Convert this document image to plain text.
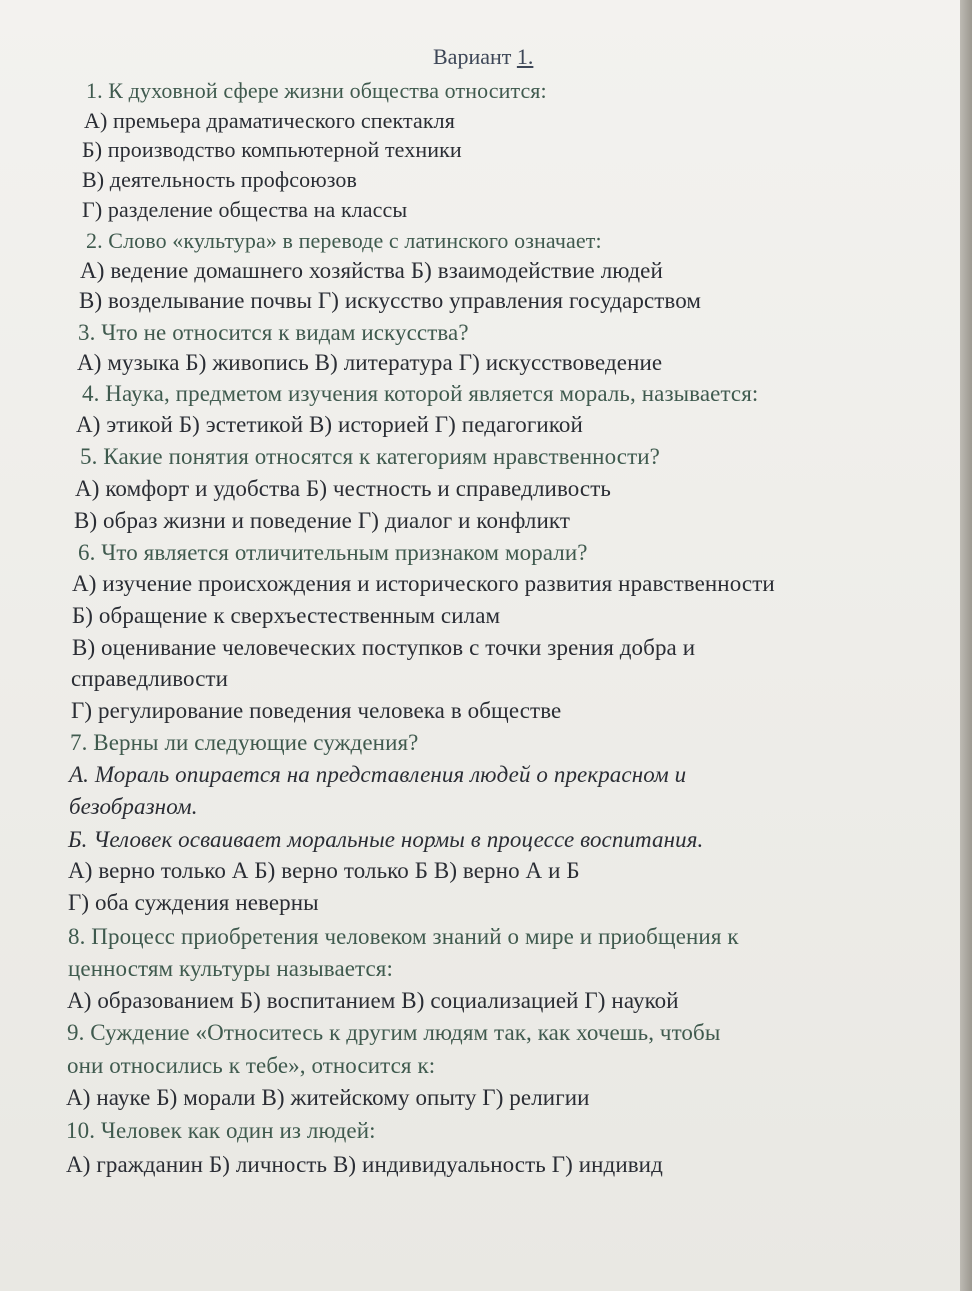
Вариант 1.
1. К духовной сфере жизни общества относится:
А) премьера драматического спектакля
Б) производство компьютерной техники
В) деятельность профсоюзов
Г) разделение общества на классы
2. Слово «культура» в переводе с латинского означает:
А) ведение домашнего хозяйства Б) взаимодействие людей
В) возделывание почвы Г) искусство управления государством
3. Что не относится к видам искусства?
А) музыка Б) живопись В) литература Г) искусствоведение
4. Наука, предметом изучения которой является мораль, называется:
А) этикой Б) эстетикой В) историей Г) педагогикой
5. Какие понятия относятся к категориям нравственности?
А) комфорт и удобства Б) честность и справедливость
В) образ жизни и поведение Г) диалог и конфликт
6. Что является отличительным признаком морали?
А) изучение происхождения и исторического развития нравственности
Б) обращение к сверхъестественным силам
В) оценивание человеческих поступков с точки зрения добра и
справедливости
Г) регулирование поведения человека в обществе
7. Верны ли следующие суждения?
А. Мораль опирается на представления людей о прекрасном и
безобразном.
Б. Человек осваивает моральные нормы в процессе воспитания.
А) верно только А Б) верно только Б В) верно А и Б
Г) оба суждения неверны
8. Процесс приобретения человеком знаний о мире и приобщения к
ценностям культуры называется:
А) образованием Б) воспитанием В) социализацией Г) наукой
9. Суждение «Относитесь к другим людям так, как хочешь, чтобы
они относились к тебе», относится к:
А) науке Б) морали В) житейскому опыту Г) религии
10. Человек как один из людей:
А) гражданин Б) личность В) индивидуальность Г) индивид
